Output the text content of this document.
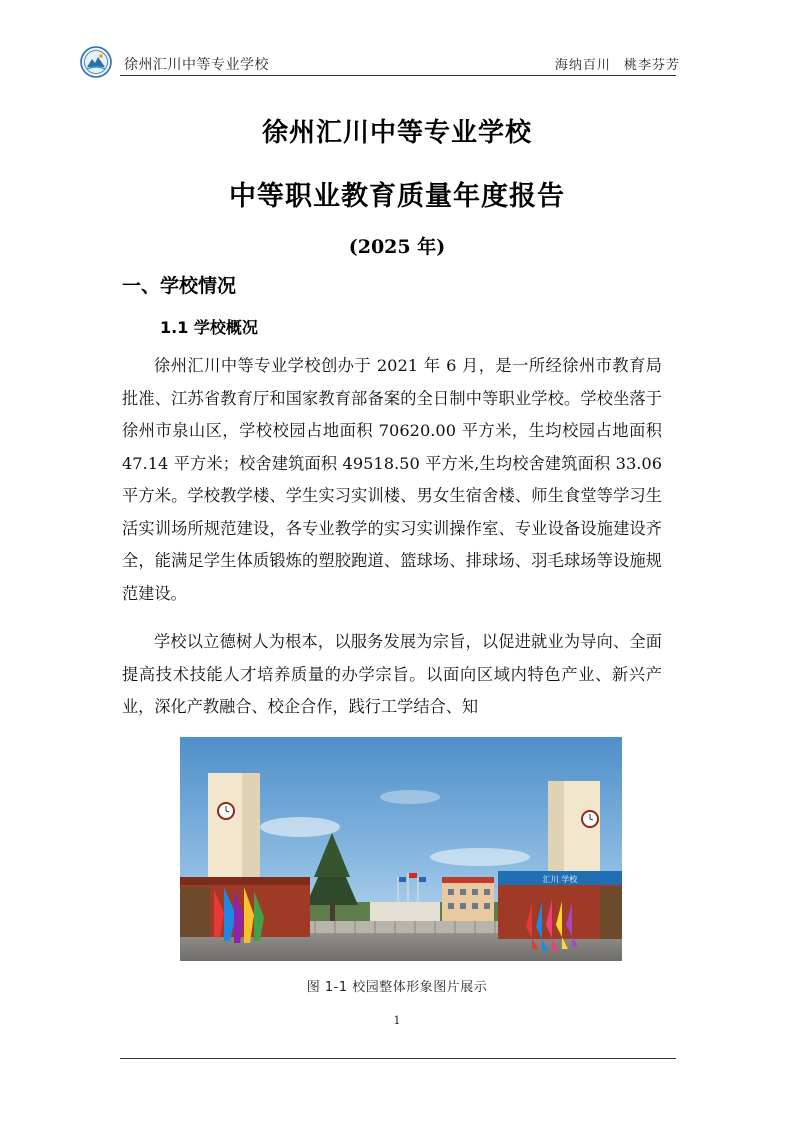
徐州汇川中等专业学校	海纳百川 桃李芬芳
徐州汇川中等专业学校
中等职业教育质量年度报告
(2025 年)
一、学校情况
1.1 学校概况

徐州汇川中等专业学校创办于 2021 年 6 月，是一所经徐州市教育局批准、江苏省教育厅和国家教育部备案的全日制中等职业学校。学校坐落于徐州市泉山区，学校校园占地面积 70620.00 平方米，生均校园占地面积 47.14 平方米；校舍建筑面积 49518.50 平方米,生均校舍建筑面积 33.06 平方米。学校教学楼、学生实习实训楼、男女生宿舍楼、师生食堂等学习生活实训场所规范建设，各专业教学的实习实训操作室、专业设备设施建设齐全，能满足学生体质锻炼的塑胶跑道、篮球场、排球场、羽毛球场等设施规范建设。

学校以立德树人为根本，以服务发展为宗旨，以促进就业为导向、全面提高技术技能人才培养质量的办学宗旨。以面向区域内特色产业、新兴产业，深化产教融合、校企合作，践行工学结合、知

汇川 学校
图 1-1 校园整体形象图片展示
1
